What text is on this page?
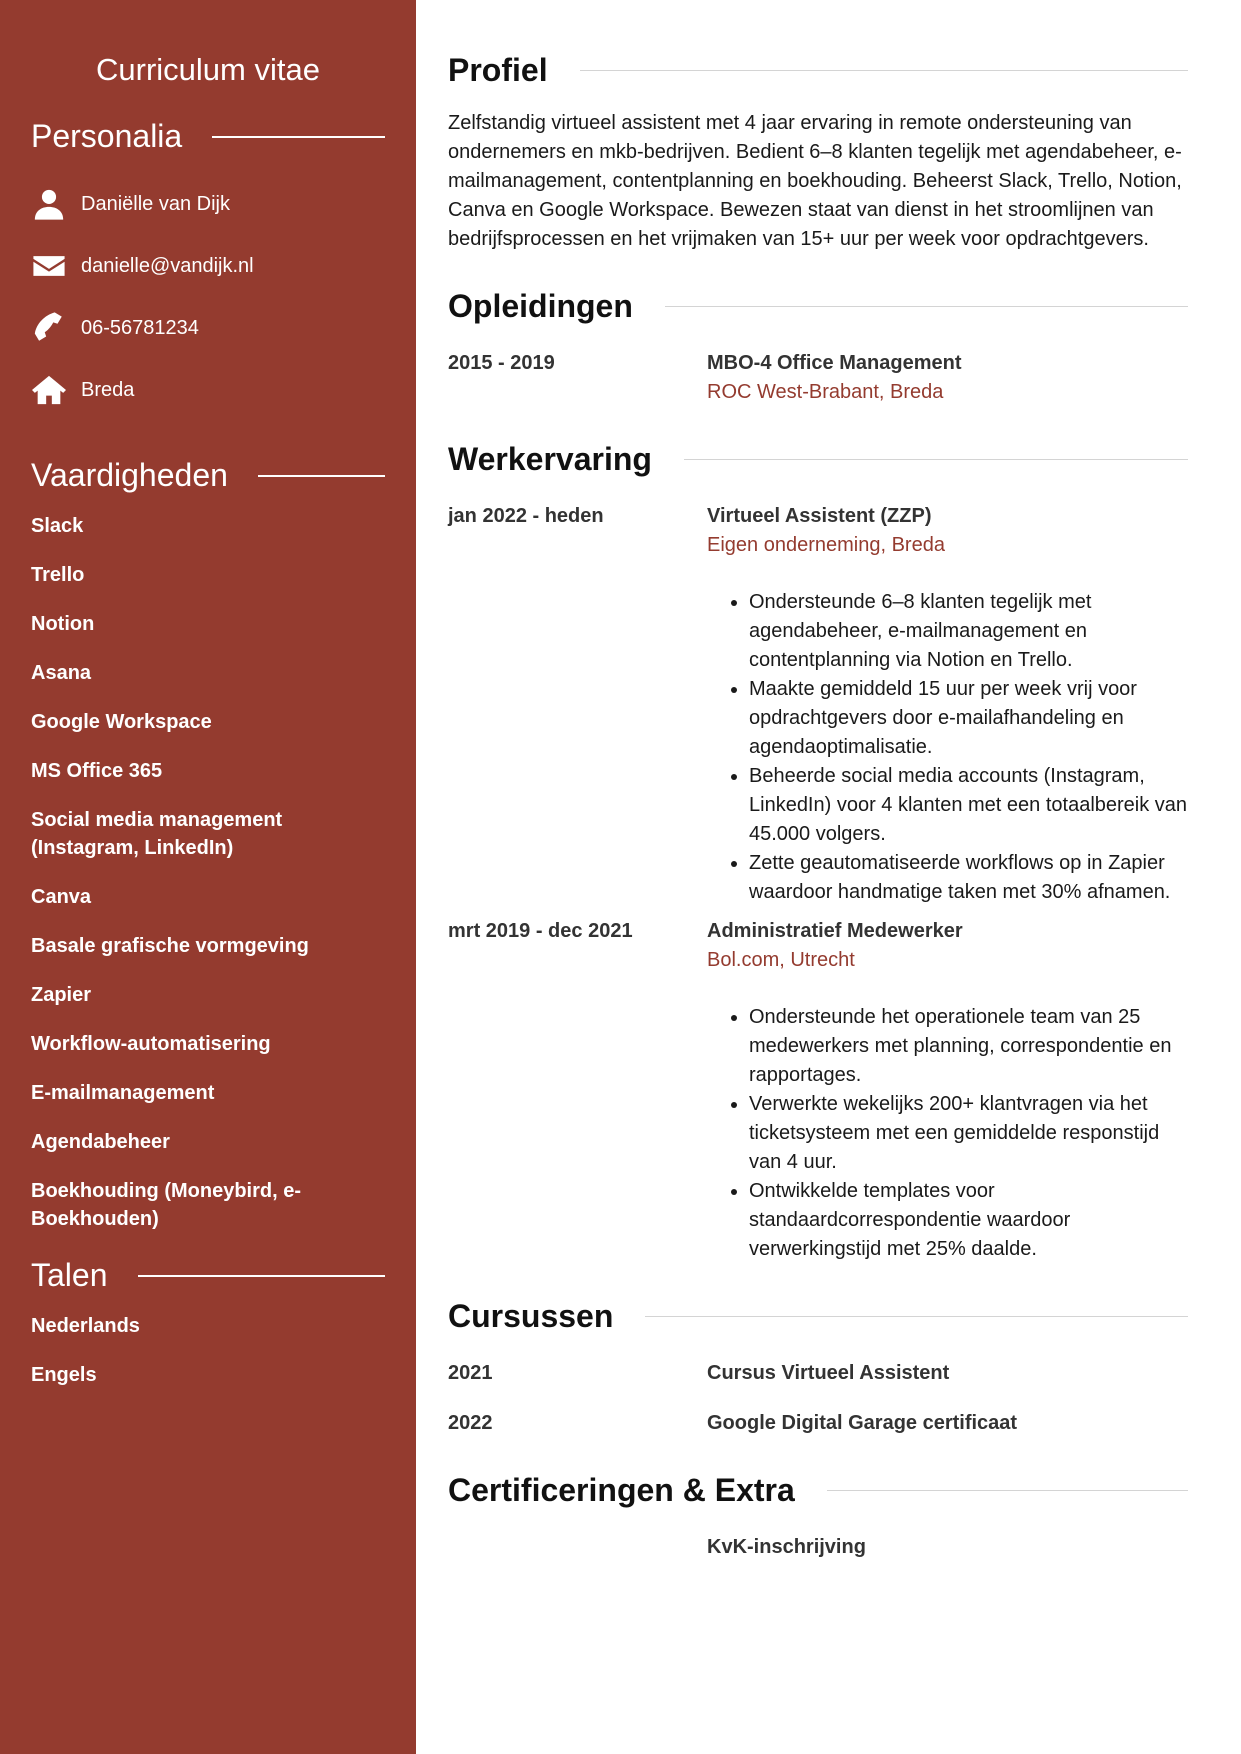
Curriculum vitae
Personalia
Daniëlle van Dijk
danielle@vandijk.nl
06-56781234
Breda
Vaardigheden
Slack
Trello
Notion
Asana
Google Workspace
MS Office 365
Social media management (Instagram, LinkedIn)
Canva
Basale grafische vormgeving
Zapier
Workflow-automatisering
E-mailmanagement
Agendabeheer
Boekhouding (Moneybird, e-Boekhouden)
Talen
Nederlands
Engels
Profiel

Zelfstandig virtueel assistent met 4 jaar ervaring in remote ondersteuning van ondernemers en mkb-bedrijven. Bedient 6–8 klanten tegelijk met agendabeheer, e-mailmanagement, contentplanning en boekhouding. Beheerst Slack, Trello, Notion, Canva en Google Workspace. Bewezen staat van dienst in het stroomlijnen van bedrijfsprocessen en het vrijmaken van 15+ uur per week voor opdrachtgevers.

Opleidingen
2015 - 2019	MBO-4 Office Management
ROC West-Brabant, Breda
Werkervaring
jan 2022 - heden	Virtueel Assistent (ZZP)
Eigen onderneming, Breda
• Ondersteunde 6–8 klanten tegelijk met agendabeheer, e-mailmanagement en contentplanning via Notion en Trello.
• Maakte gemiddeld 15 uur per week vrij voor opdrachtgevers door e-mailafhandeling en agendaoptimalisatie.
• Beheerde social media accounts (Instagram, LinkedIn) voor 4 klanten met een totaalbereik van 45.000 volgers.
• Zette geautomatiseerde workflows op in Zapier waardoor handmatige taken met 30% afnamen.
mrt 2019 - dec 2021	Administratief Medewerker
Bol.com, Utrecht
• Ondersteunde het operationele team van 25 medewerkers met planning, correspondentie en rapportages.
• Verwerkte wekelijks 200+ klantvragen via het ticketsysteem met een gemiddelde responstijd van 4 uur.
• Ontwikkelde templates voor standaardcorrespondentie waardoor verwerkingstijd met 25% daalde.
Cursussen
2021	Cursus Virtueel Assistent
2022	Google Digital Garage certificaat
Certificeringen & Extra
KvK-inschrijving
